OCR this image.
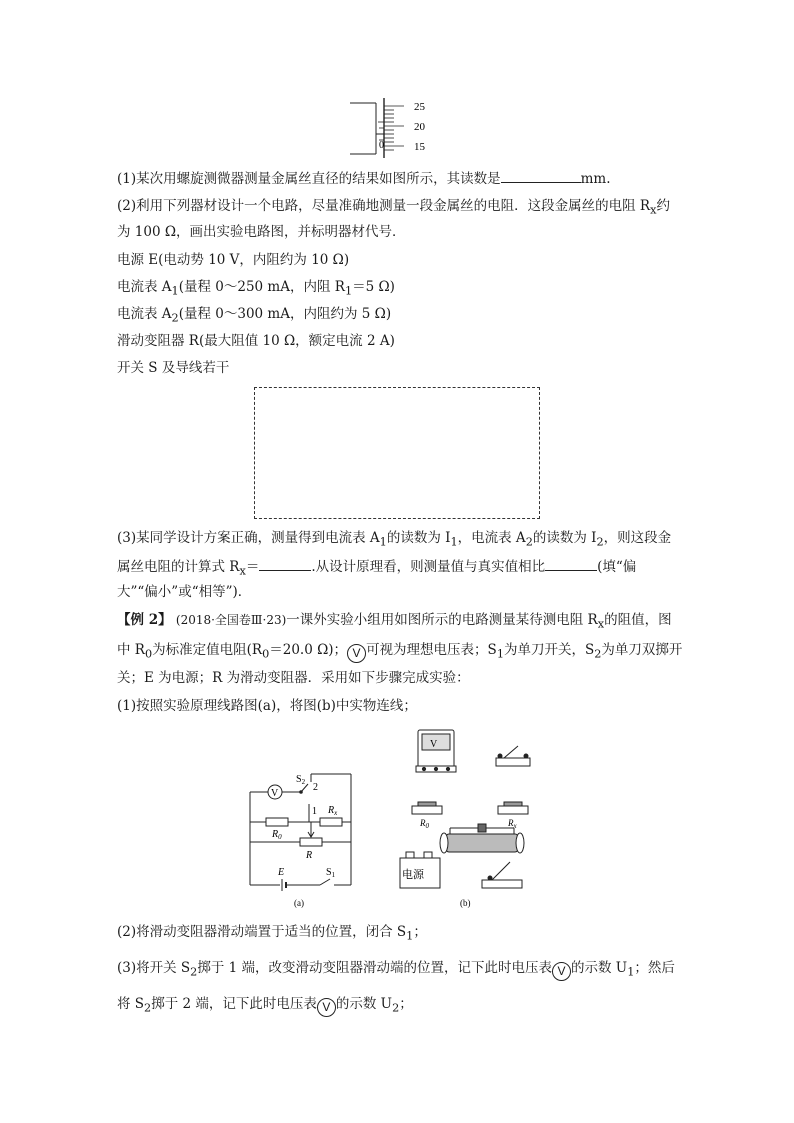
25
20
15
0
(1)某次用螺旋测微器测量金属丝直径的结果如图所示，其读数是	mm.
(2)利用下列器材设计一个电路，尽量准确地测量一段金属丝的电阻．这段金属丝的电阻 $R_x$约
为 100 Ω，画出实验电路图，并标明器材代号．
电源 E(电动势 10 V，内阻约为 10 Ω)
电流表 $A_1$(量程 0～250 mA，内阻 $R_1=5$ Ω)
电流表 $A_2$(量程 0～300 mA，内阻约为 5 Ω)
滑动变阻器 R(最大阻值 10 Ω，额定电流 2 A)
开关 S 及导线若干
(3)某同学设计方案正确，测量得到电流表 $A_1$的读数为 $I_1$，电流表 $A_2$的读数为 $I_2$，则这段金
属丝电阻的计算式 $R_x=$	.从设计原理看，则测量值与真实值相比	(填“偏
大”“偏小”或“相等”)．
【例 2】 (2018·全国卷Ⅲ·23)一课外实验小组用如图所示的电路测量某待测电阻 $R_x$的阻值，图
中 $R_0$为标准定值电阻($R_0=20.0$ Ω)； V 可视为理想电压表；$S_1$为单刀开关，$S_2$为单刀双掷开
关；E 为电源；R 为滑动变阻器．采用如下步骤完成实验：
(1)按照实验原理线路图(a)，将图(b)中实物连线；
V
$S_2$ 2
1 $R_x$
$R_0$
R
E	$S_1$
(a)
V
$R_0$	$R_x$
电源
(b)
(2)将滑动变阻器滑动端置于适当的位置，闭合 $S_1$；
(3)将开关 $S_2$掷于 1 端，改变滑动变阻器滑动端的位置，记下此时电压表 V 的示数 $U_1$；然后
将 $S_2$掷于 2 端，记下此时电压表 V 的示数 $U_2$；
